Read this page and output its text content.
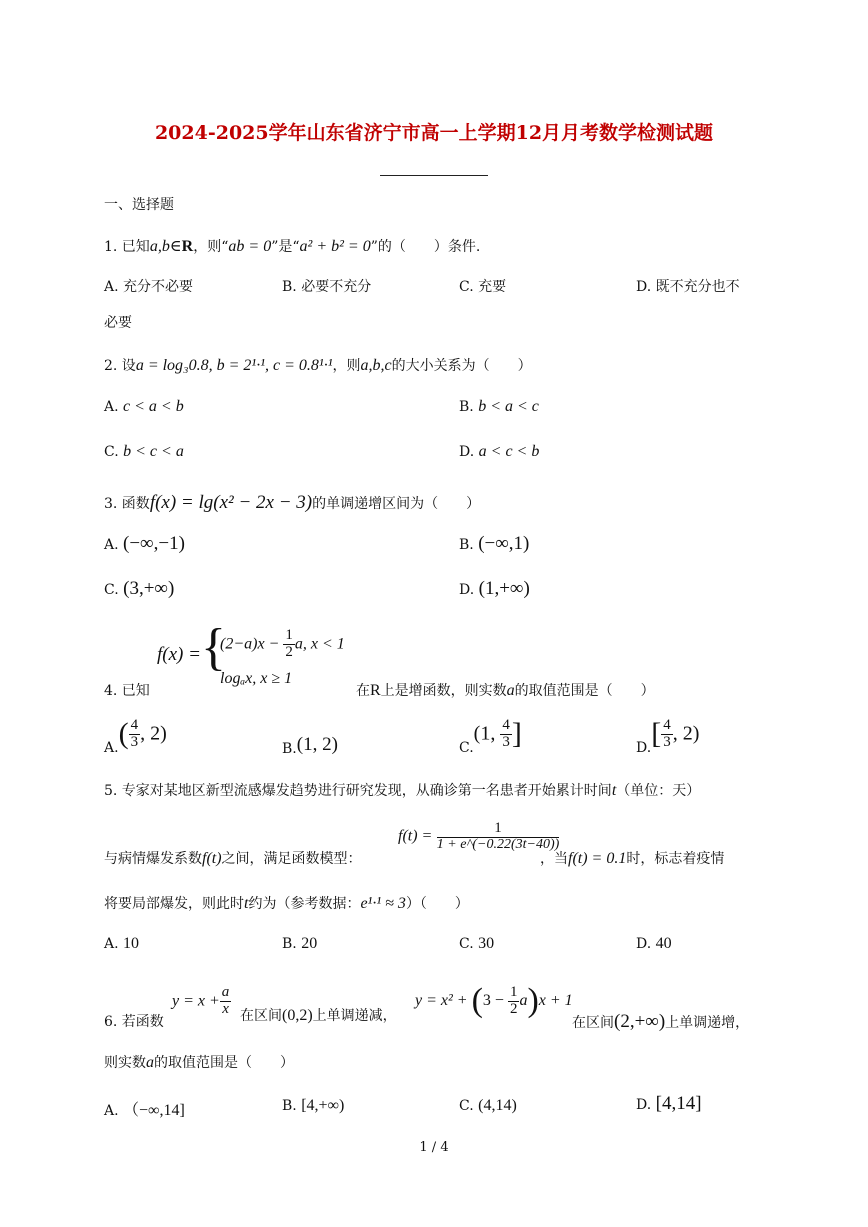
2024-2025学年山东省济宁市高一上学期12月月考数学检测试题
一、选择题
1. 已知a,b∈R，则“ab = 0”是“a² + b² = 0”的（　　）条件.
A. 充分不必要	B. 必要不充分	C. 充要	D. 既不充分也不
必要
2. 设a = log₃0.8, b = 2¹·¹, c = 0.8¹·¹，则a,b,c的大小关系为（　　）
A. c < a < b	B. b < a < c
C. b < c < a	D. a < c < b
3. 函数f(x) = lg(x² − 2x − 3)的单调递增区间为（　　）
A. (−∞,−1)	B. (−∞,1)
C. (3,+∞)	D. (1,+∞)
4. 已知
f(x) = {
$(2-a)x - \frac{1}{2} a$, x < 1
logₐx, x ≥ 1
在R上是增函数，则实数a的取值范围是（　　）
$A.( \frac{4}{3}$ , 2)
B.(1, 2)	C.(1, $\frac{4}{3}$ ]	$D.[ \frac{4}{3}$ , 2)
5. 专家对某地区新型流感爆发趋势进行研究发现，从确诊第一名患者开始累计时间t（单位：天）
与病情爆发系数f(t)之间，满足函数模型：
$f(t) = \frac{1}{1 + e\^{}(-0.22(3t-40))}$
，当f(t) = 0.1时，标志着疫情
将要局部爆发，则此时t约为（参考数据：e¹·¹ ≈ 3）（　　）
A. 10	B. 20	C. 30	D. 40
6. 若函数
$y = x + \frac{a}{x}$ 在区间(0,2)上单调递减，
$y = x^2 + (3 - \frac{1}{2} a)x + 1$
在区间(2,+∞)上单调递增，
则实数a的取值范围是（　　）
A. （−∞,14]	B. [4,+∞)	C. (4,14)	D. [4,14]
1 / 4
